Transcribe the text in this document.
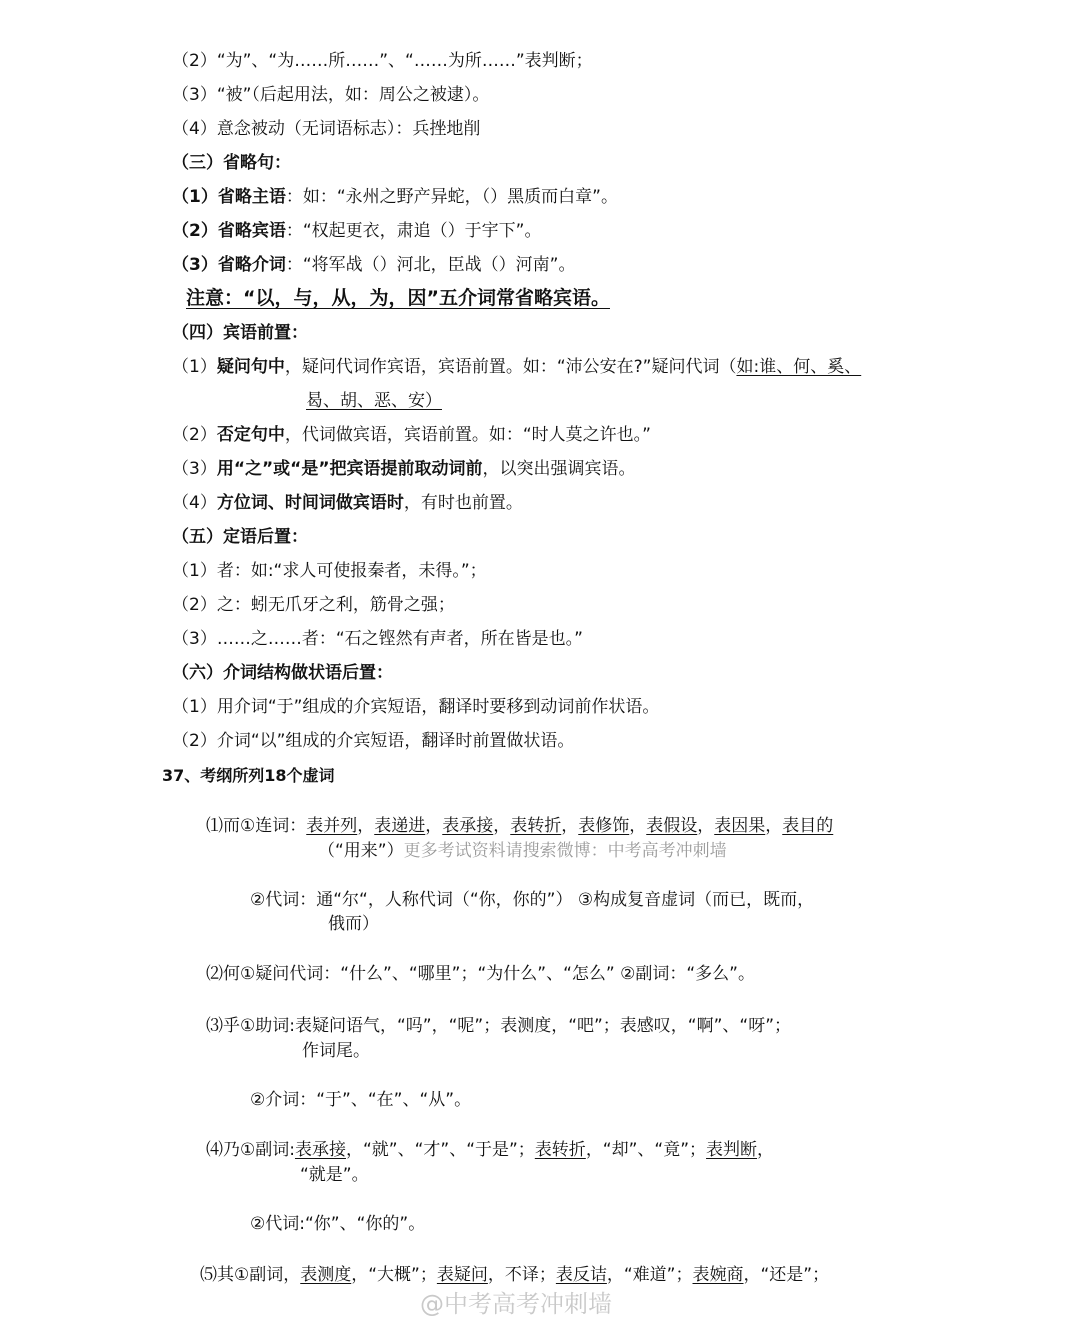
（2）“为”、“为……所……”、“……为所……”表判断；
（3）“被”（后起用法，如：周公之被逮）。
（4）意念被动（无词语标志）：兵挫地削
（三）省略句：
（1）省略主语：如：“永州之野产异蛇，（）黑质而白章”。
（2）省略宾语：“权起更衣，肃追（）于宇下”。
（3）省略介词：“将军战（）河北，臣战（）河南”。
注意：“以，与，从，为，因”五介词常省略宾语。
（四）宾语前置：
（1）疑问句中，疑问代词作宾语，宾语前置。如：“沛公安在?”疑问代词（如:谁、何、奚、
曷、胡、恶、安）
（2）否定句中，代词做宾语，宾语前置。如：“时人莫之许也。”
（3）用“之”或“是”把宾语提前取动词前，以突出强调宾语。
（4）方位词、时间词做宾语时，有时也前置。
（五）定语后置：
（1）者：如:“求人可使报秦者，未得。”；
（2）之：蚓无爪牙之利，筋骨之强；
（3）……之……者：“石之铿然有声者，所在皆是也。”
（六）介词结构做状语后置：
（1）用介词“于”组成的介宾短语，翻译时要移到动词前作状语。
（2）介词“以”组成的介宾短语，翻译时前置做状语。
37、考纲所列18个虚词
⑴而①连词：表并列，表递进，表承接，表转折，表修饰，表假设，表因果，表目的
（“用来”）更多考试资料请搜索微博：中考高考冲刺墙
②代词：通“尔“，人称代词（“你，你的”） ③构成复音虚词（而已，既而，
俄而）
⑵何①疑问代词：“什么”、“哪里”；“为什么”、“怎么” ②副词：“多么”。
⑶乎①助词:表疑问语气，“吗”，“呢”；表测度，“吧”；表感叹，“啊”、“呀”；
作词尾。
②介词：“于”、“在”、“从”。
⑷乃①副词:表承接，“就”、“才”、“于是”；表转折，“却”、“竟”；表判断，
“就是”。
②代词:“你”、“你的”。
⑸其①副词，表测度，“大概”；表疑问，不译；表反诘，“难道”；表婉商，“还是”；
@中考高考冲刺墙
